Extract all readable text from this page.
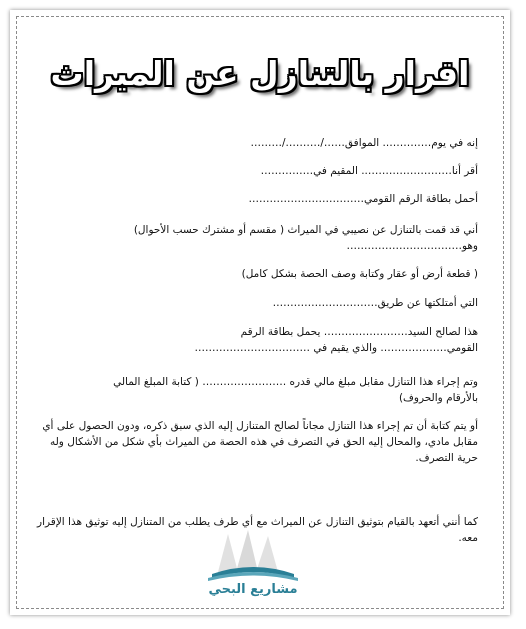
اقرار بالتنازل عن الميراث
إنه في يوم………….. الموافق……/………./………
أقر أنا…………………….. المقيم في……………
أحمل بطاقة الرقم القومي……………………………
أني قد قمت بالتنازل عن نصيبي في الميراث ( مقسم أو مشترك حسب الأحوال)
وهو……………………………
( قطعة أرض أو عقار وكتابة وصف الحصة بشكل كامل)
التي أمتلكتها عن طريق…………………………
هذا لصالح السيد…………………… يحمل بطاقة الرقم
القومي………………. والذي يقيم في ……………………………
وتم إجراء هذا التنازل مقابل مبلغ مالي قدره …………………… ( كتابة المبلغ المالي
بالأرقام والحروف)
أو يتم كتابة أن تم إجراء هذا التنازل مجاناً لصالح المتنازل إليه الذي سبق ذكره، ودون الحصول على أي مقابل مادي، والمحال إليه الحق في التصرف في هذه الحصة من الميراث بأي شكل من الأشكال وله حرية التصرف.
كما أنني أتعهد بالقيام بتوثيق التنازل عن الميراث مع أي طرف يطلب من المتنازل إليه توثيق هذا الإقرار معه.
مشاريع البحي
